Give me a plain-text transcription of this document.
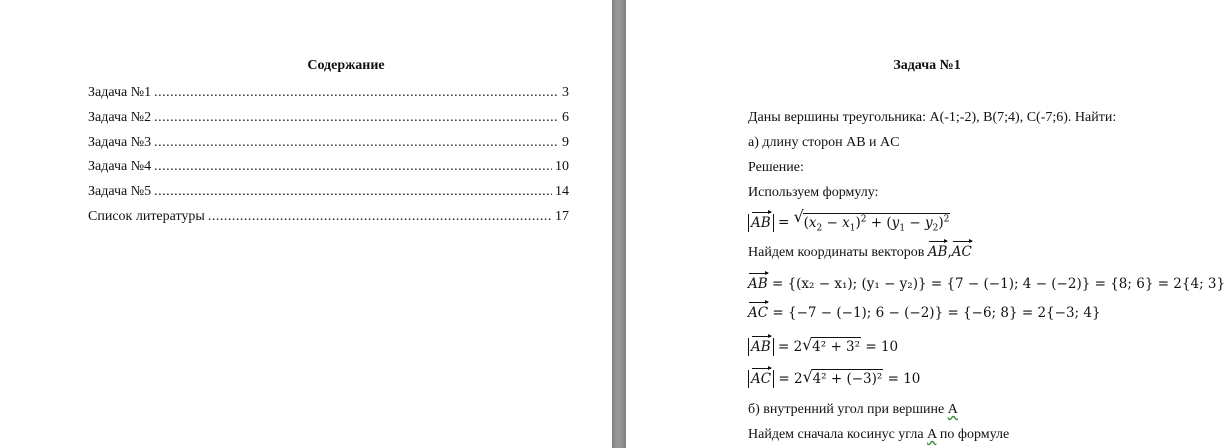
Содержание
Задача №1 .....	3
Задача №2 .....	6
Задача №3 .....	9
Задача №4 .....	10
Задача №5 .....	14
Список литературы .....	17
Задача №1
Даны вершины треугольника: A(-1;-2), B(7;4), C(-7;6). Найти:
а) длину сторон AB и AC
Решение:
Используем формулу:
AB = √ $(x_2 - x_1)^2 + (y_1 - y_2)^2$
Найдем координаты векторов AB,AC
AB = {(x₂ − x₁); (y₁ − y₂)} = {7 − (−1); 4 − (−2)} = {8; 6} = 2{4; 3}
AC = {−7 − (−1); 6 − (−2)} = {−6; 8} = 2{−3; 4}
AB = 2 √ 4² + 3² = 10
AC = 2 √ 4² + (−3)² = 10
б) внутренний угол при вершине A
Найдем сначала косинус угла A по формуле
